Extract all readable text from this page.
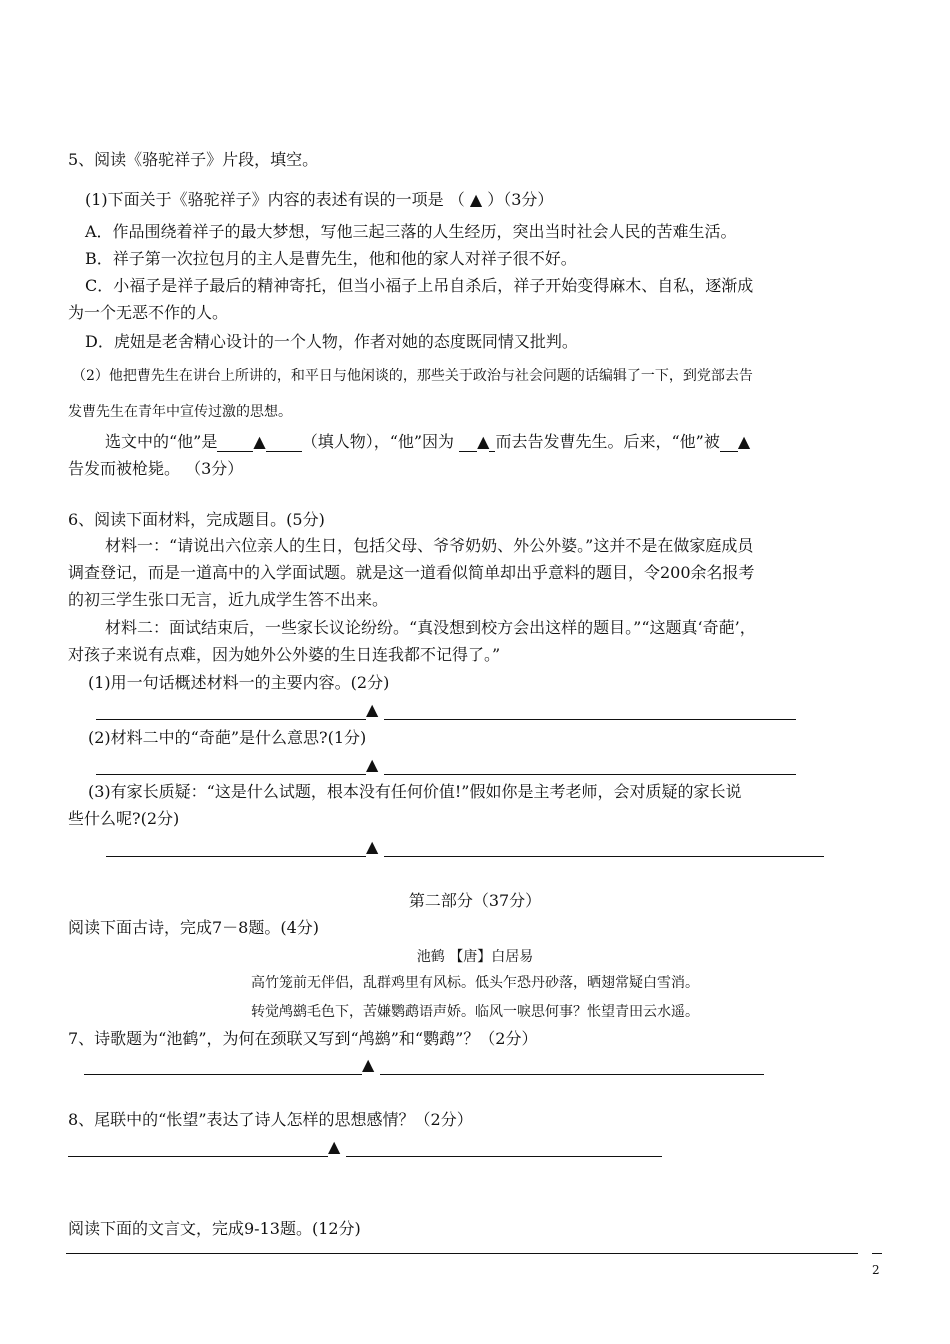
5、阅读《骆驼祥子》片段，填空。
(1)下面关于《骆驼祥子》内容的表述有误的一项是 （ ▲ ）（3分）
A．作品围绕着祥子的最大梦想，写他三起三落的人生经历，突出当时社会人民的苦难生活。
B．祥子第一次拉包月的主人是曹先生，他和他的家人对祥子很不好。
C．小福子是祥子最后的精神寄托，但当小福子上吊自杀后，祥子开始变得麻木、自私，逐渐成
为一个无恶不作的人。
D．虎妞是老舍精心设计的一个人物，作者对她的态度既同情又批判。
（2）他把曹先生在讲台上所讲的，和平日与他闲谈的，那些关于政治与社会问题的话编辑了一下，到党部去告
发曹先生在青年中宣传过激的思想。
选文中的“他”是 ▲ （填人物），“他”因为 ▲ 而去告发曹先生。后来，“他”被 ▲
告发而被枪毙。 （3分）
6、阅读下面材料，完成题目。(5分)
材料一：“请说出六位亲人的生日，包括父母、爷爷奶奶、外公外婆。”这并不是在做家庭成员
调查登记，而是一道高中的入学面试题。就是这一道看似简单却出乎意料的题目，令200余名报考
的初三学生张口无言，近九成学生答不出来。
材料二：面试结束后，一些家长议论纷纷。“真没想到校方会出这样的题目。”“这题真‘奇葩’，
对孩子来说有点难，因为她外公外婆的生日连我都不记得了。”
(1)用一句话概述材料一的主要内容。(2分)
▲
(2)材料二中的“奇葩”是什么意思?(1分)
▲
(3)有家长质疑：“这是什么试题，根本没有任何价值!”假如你是主考老师，会对质疑的家长说
些什么呢?(2分)
▲
第二部分（37分）
阅读下面古诗，完成7－8题。(4分)
池鹤 【唐】白居易
高竹笼前无伴侣，乱群鸡里有风标。低头乍恐丹砂落，晒翅常疑白雪消。
转觉鸬鹚毛色下，苦嫌鹦鹉语声娇。临风一唳思何事？怅望青田云水遥。
7、诗歌题为“池鹤”，为何在颈联又写到“鸬鹚”和“鹦鹉”？（2分）
▲
8、尾联中的“怅望”表达了诗人怎样的思想感情？（2分）
▲
阅读下面的文言文，完成9-13题。(12分)
2
